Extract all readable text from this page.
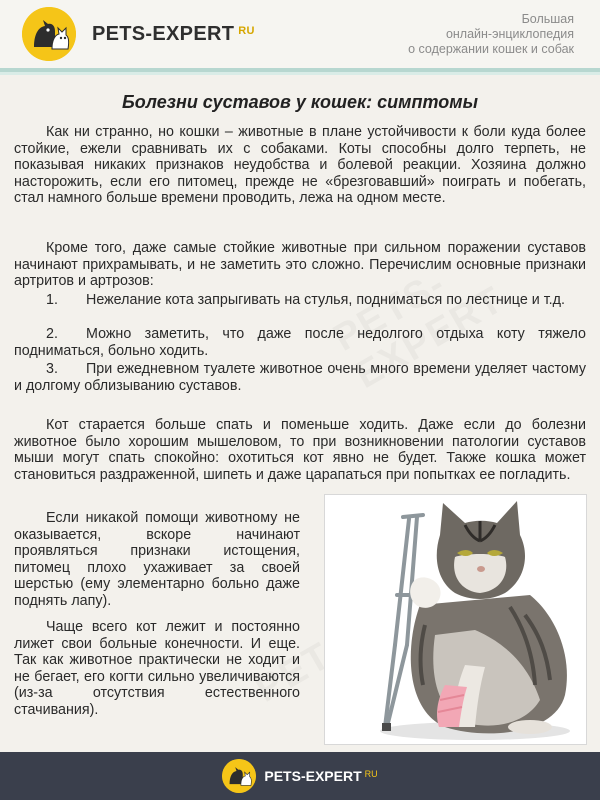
PETS-EXPERT $^{RU}$
Большая
онлайн-энциклопедия
о содержании кошек и собак
Болезни суставов у кошек: симптомы
Как ни странно, но кошки – животные в плане устойчивости к боли куда более стойкие, ежели сравнивать их с собаками. Коты способны долго терпеть, не показывая никаких признаков неудобства и болевой реакции. Хозяина должно насторожить, если его питомец, прежде не «брезговавший» поиграть и побегать, стал намного больше времени проводить, лежа на одном месте.
Кроме того, даже самые стойкие животные при сильном поражении суставов начинают прихрамывать, и не заметить это сложно. Перечислим основные признаки артритов и артрозов:
1. Нежелание кота запрыгивать на стулья, подниматься по лестнице и т.д.
2. Можно заметить, что даже после недолгого отдыха коту тяжело подниматься, больно ходить.
3. При ежедневном туалете животное очень много времени уделяет частому и долгому облизыванию суставов.
Кот старается больше спать и поменьше ходить. Даже если до болезни животное было хорошим мышеловом, то при возникновении патологии суставов мыши могут спать спокойно: охотиться кот явно не будет. Также кошка может становиться раздраженной, шипеть и даже царапаться при попытках ее погладить.
Если никакой помощи животному не оказывается, вскоре начинают проявляться признаки истощения, питомец плохо ухаживает за своей шерстью (ему элементарно больно даже поднять лапу).
Чаще всего кот лежит и постоянно лижет свои больные конечности. И еще. Так как животное практически не ходит и не бегает, его когти сильно увеличиваются (из-за отсутствия естественного стачивания).
PETS-EXPERT RU
